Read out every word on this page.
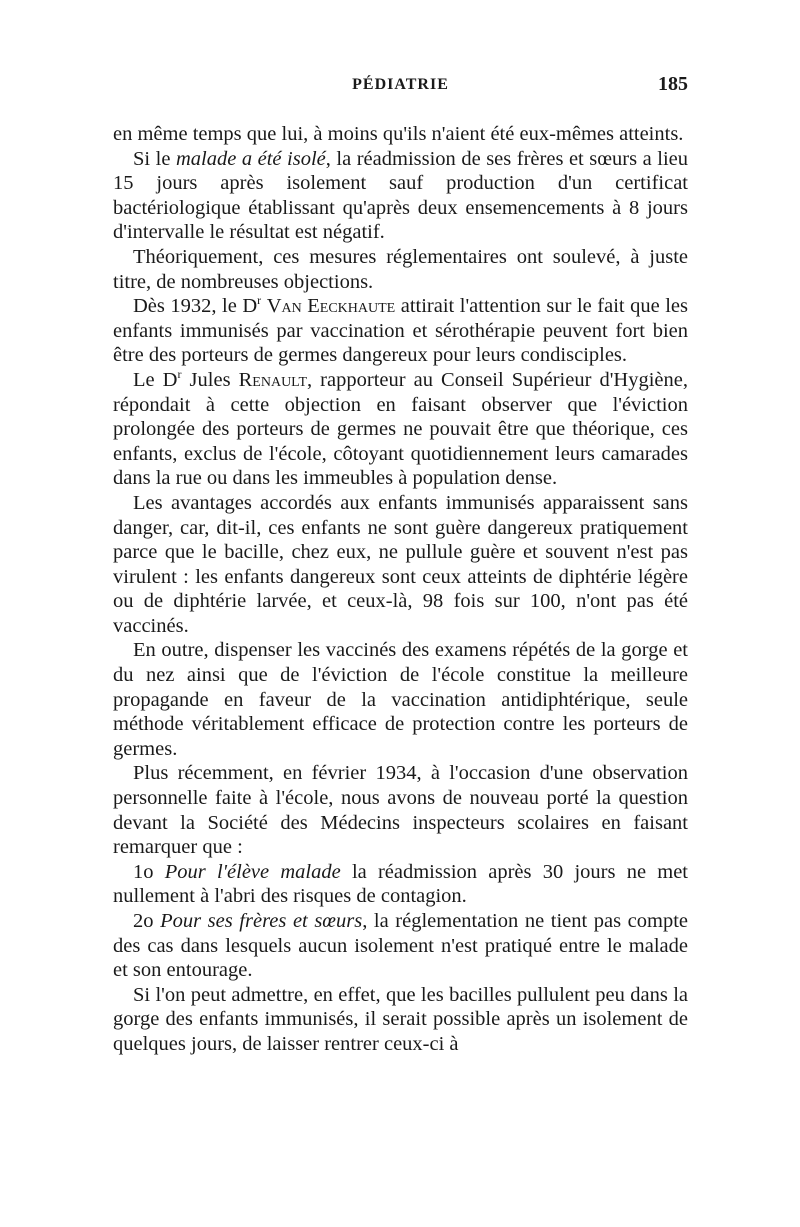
PÉDIATRIE	185

en même temps que lui, à moins qu'ils n'aient été eux-mêmes atteints.

Si le malade a été isolé, la réadmission de ses frères et sœurs a lieu 15 jours après isolement sauf production d'un certificat bactériologique établissant qu'après deux ensemencements à 8 jours d'intervalle le résultat est négatif.

Théoriquement, ces mesures réglementaires ont soulevé, à juste titre, de nombreuses objections.

Dès 1932, le $D^r$ Van Eeckhaute attirait l'attention sur le fait que les enfants immunisés par vaccination et sérothérapie peuvent fort bien être des porteurs de germes dangereux pour leurs condisciples.

Le $D^r$ Jules Renault, rapporteur au Conseil Supérieur d'Hygiène, répondait à cette objection en faisant observer que l'éviction prolongée des porteurs de germes ne pouvait être que théorique, ces enfants, exclus de l'école, côtoyant quotidiennement leurs camarades dans la rue ou dans les immeubles à population dense.

Les avantages accordés aux enfants immunisés apparaissent sans danger, car, dit-il, ces enfants ne sont guère dangereux pratiquement parce que le bacille, chez eux, ne pullule guère et souvent n'est pas virulent : les enfants dangereux sont ceux atteints de diphtérie légère ou de diphtérie larvée, et ceux-là, 98 fois sur 100, n'ont pas été vaccinés.

En outre, dispenser les vaccinés des examens répétés de la gorge et du nez ainsi que de l'éviction de l'école constitue la meilleure propagande en faveur de la vaccination antidiphtérique, seule méthode véritablement efficace de protection contre les porteurs de germes.

Plus récemment, en février 1934, à l'occasion d'une observation personnelle faite à l'école, nous avons de nouveau porté la question devant la Société des Médecins inspecteurs scolaires en faisant remarquer que :

1o Pour l'élève malade la réadmission après 30 jours ne met nullement à l'abri des risques de contagion.

2o Pour ses frères et sœurs, la réglementation ne tient pas compte des cas dans lesquels aucun isolement n'est pratiqué entre le malade et son entourage.

Si l'on peut admettre, en effet, que les bacilles pullulent peu dans la gorge des enfants immunisés, il serait possible après un isolement de quelques jours, de laisser rentrer ceux-ci à
